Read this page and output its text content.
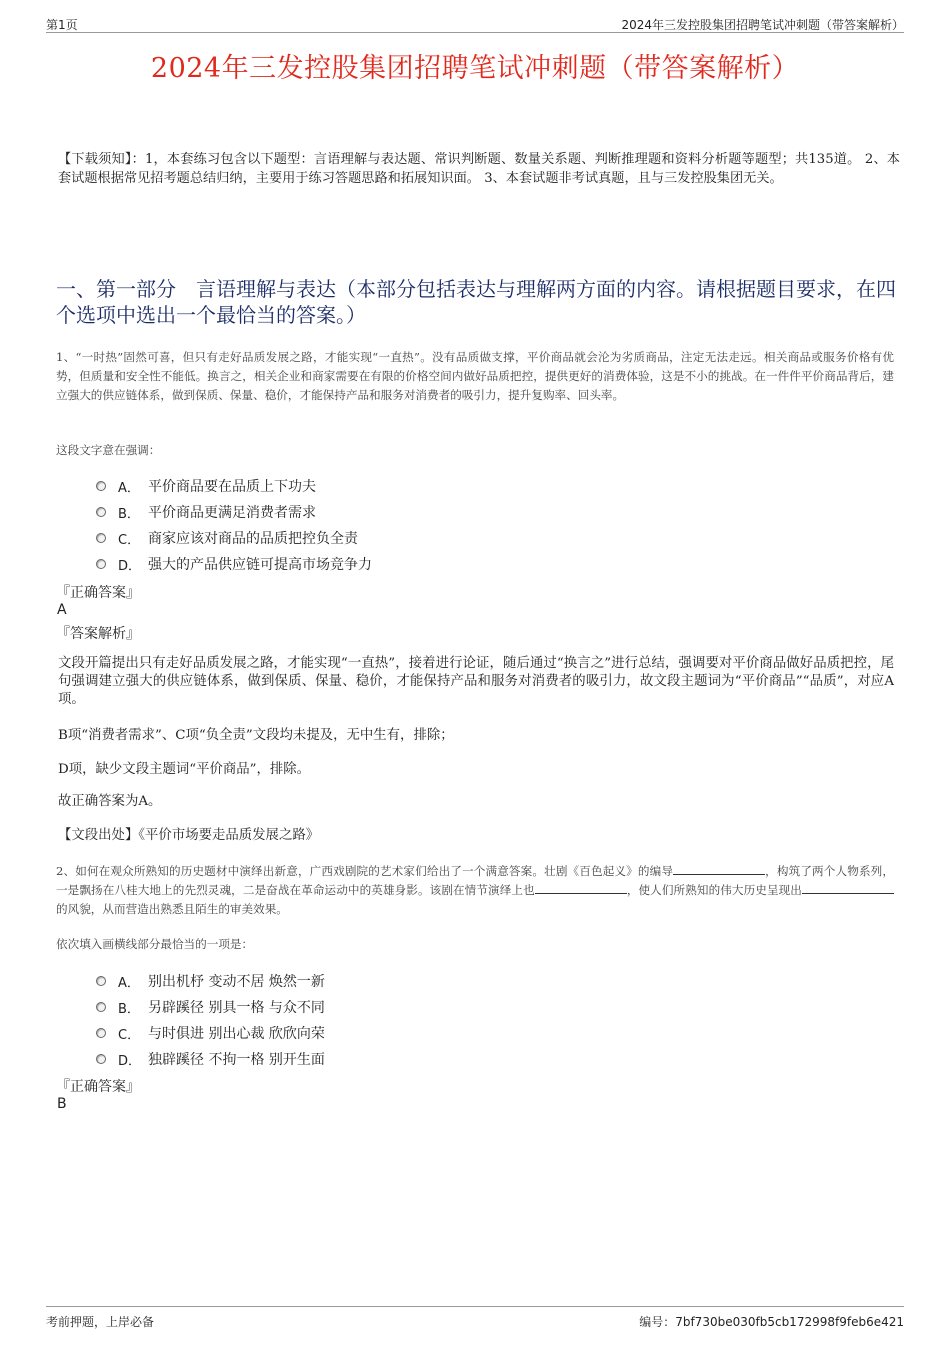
第1页	2024年三发控股集团招聘笔试冲刺题（带答案解析）
2024年三发控股集团招聘笔试冲刺题（带答案解析）
【下载须知】：1，本套练习包含以下题型：言语理解与表达题、常识判断题、数量关系题、判断推理题和资料分析题等题型；共135道。 2、本套试题根据常见招考题总结归纳，主要用于练习答题思路和拓展知识面。 3、本套试题非考试真题，且与三发控股集团无关。
一、第一部分　言语理解与表达（本部分包括表达与理解两方面的内容。请根据题目要求，在四个选项中选出一个最恰当的答案。）
1、“一时热”固然可喜，但只有走好品质发展之路，才能实现“一直热”。没有品质做支撑，平价商品就会沦为劣质商品，注定无法走远。相关商品或服务价格有优势，但质量和安全性不能低。换言之，相关企业和商家需要在有限的价格空间内做好品质把控，提供更好的消费体验，这是不小的挑战。在一件件平价商品背后，建立强大的供应链体系，做到保质、保量、稳价，才能保持产品和服务对消费者的吸引力，提升复购率、回头率。
这段文字意在强调：
A． 平价商品要在品质上下功夫
B． 平价商品更满足消费者需求
C． 商家应该对商品的品质把控负全责
D． 强大的产品供应链可提高市场竞争力
『正确答案』
A
『答案解析』
文段开篇提出只有走好品质发展之路，才能实现“一直热”，接着进行论证，随后通过“换言之”进行总结，强调要对平价商品做好品质把控，尾句强调建立强大的供应链体系，做到保质、保量、稳价，才能保持产品和服务对消费者的吸引力，故文段主题词为“平价商品”“品质”，对应A项。
B项“消费者需求”、C项“负全责”文段均未提及，无中生有，排除；
D项，缺少文段主题词“平价商品”，排除。
故正确答案为A。
【文段出处】《平价市场要走品质发展之路》
2、如何在观众所熟知的历史题材中演绎出新意，广西戏剧院的艺术家们给出了一个满意答案。壮剧《百色起义》的编导	，构筑了两个人物系列，一是飘扬在八桂大地上的先烈灵魂，二是奋战在革命运动中的英雄身影。该剧在情节演绎上也	，使人们所熟知的伟大历史呈现出的风貌，从而营造出熟悉且陌生的审美效果。
依次填入画横线部分最恰当的一项是：
A． 别出机杼 变动不居 焕然一新
B． 另辟蹊径 别具一格 与众不同
C． 与时俱进 别出心裁 欣欣向荣
D． 独辟蹊径 不拘一格 别开生面
『正确答案』
B
考前押题，上岸必备	编号：7bf730be030fb5cb172998f9feb6e421
